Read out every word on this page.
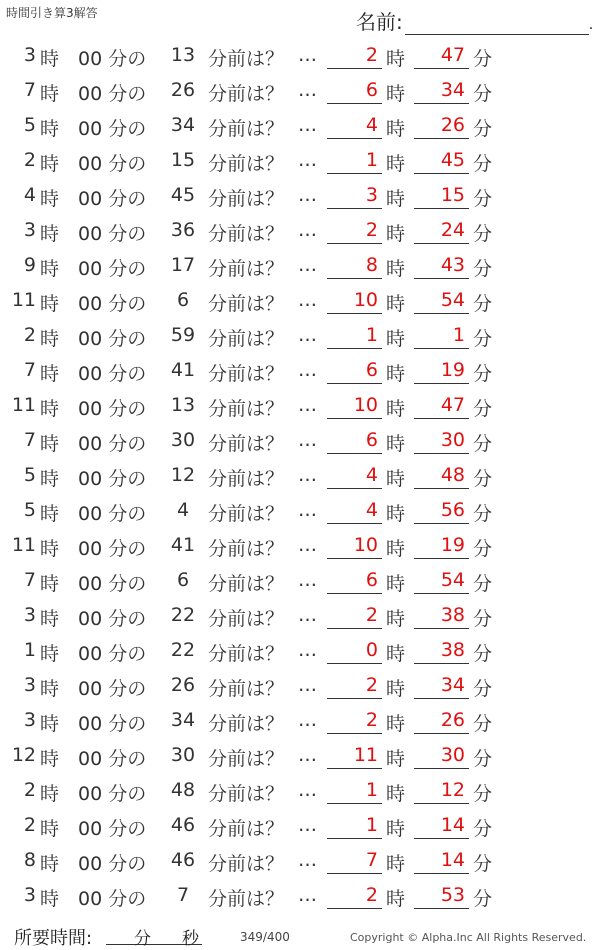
時間引き算3解答	名前:	.
3 時 00 分の	13 分前は？ …	2 時 47 分
7 時 00 分の	26 分前は？ …	6 時 34 分
5 時 00 分の	34 分前は？ …	4 時 26 分
2 時 00 分の	15 分前は？ …	1 時 45 分
4 時 00 分の	45 分前は？ …	3 時 15 分
3 時 00 分の	36 分前は？ …	2 時 24 分
9 時 00 分の	17 分前は？ …	8 時 43 分
11 時 00 分の	6 分前は？ … 10 時 54 分
2 時 00 分の	59 分前は？ …	1 時	1 分
7 時 00 分の	41 分前は？ …	6 時 19 分
11 時 00 分の	13 分前は？ … 10 時 47 分
7 時 00 分の	30 分前は？ …	6 時 30 分
5 時 00 分の	12 分前は？ …	4 時 48 分
5 時 00 分の	4 分前は？ …	4 時 56 分
11 時 00 分の	41 分前は？ … 10 時 19 分
7 時 00 分の	6 分前は？ …	6 時 54 分
3 時 00 分の	22 分前は？ …	2 時 38 分
1 時 00 分の	22 分前は？ …	0 時 38 分
3 時 00 分の	26 分前は？ …	2 時 34 分
3 時 00 分の	34 分前は？ …	2 時 26 分
12 時 00 分の	30 分前は？ … 11 時 30 分
2 時 00 分の	48 分前は？ …	1 時 12 分
2 時 00 分の	46 分前は？ …	1 時 14 分
8 時 00 分の	46 分前は？ …	7 時 14 分
3 時 00 分の	7 分前は？ …	2 時 53 分
所要時間: 分 秒	349/400	Copyright © Alpha.Inc All Rights Reserved.
